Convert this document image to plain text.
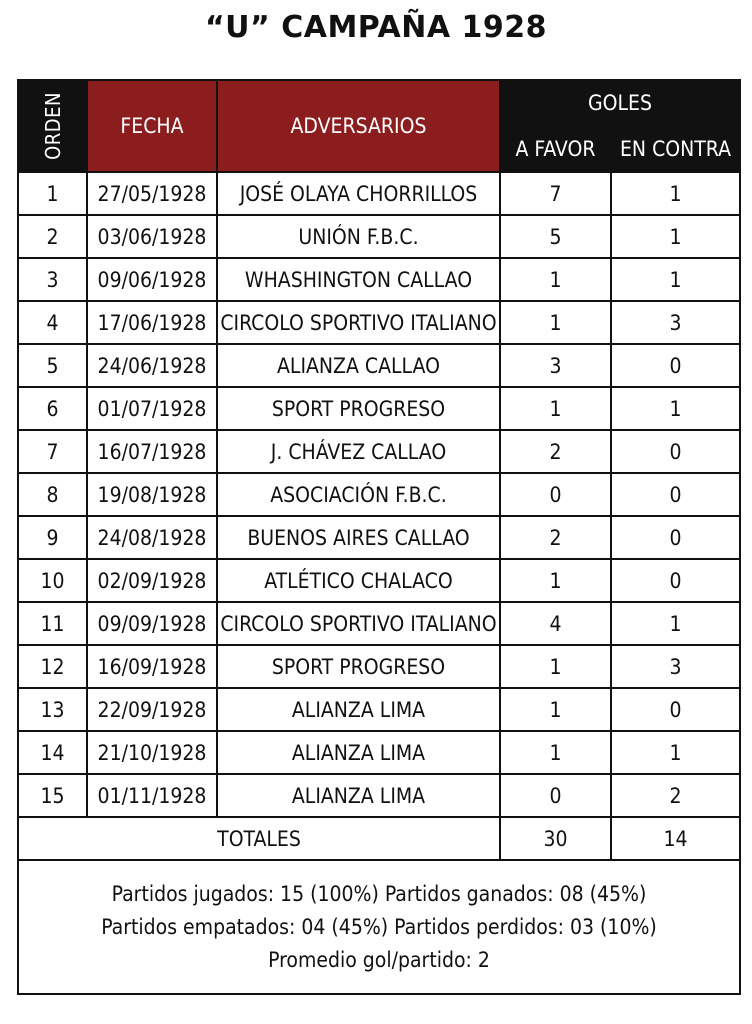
“U” CAMPAÑA 1928
ORDEN	FECHA	ADVERSARIOS	GOLES	
			A FAVOR	EN CONTRA
1	27/05/1928	JOSÉ OLAYA CHORRILLOS	7	1
2	03/06/1928	UNIÓN F.B.C.	5	1
3	09/06/1928	WHASHINGTON CALLAO	1	1
4	17/06/1928	CIRCOLO SPORTIVO ITALIANO	1	3
5	24/06/1928	ALIANZA CALLAO	3	0
6	01/07/1928	SPORT PROGRESO	1	1
7	16/07/1928	J. CHÁVEZ CALLAO	2	0
8	19/08/1928	ASOCIACIÓN F.B.C.	0	0
9	24/08/1928	BUENOS AIRES CALLAO	2	0
10	02/09/1928	ATLÉTICO CHALACO	1	0
11	09/09/1928	CIRCOLO SPORTIVO ITALIANO	4	1
12	16/09/1928	SPORT PROGRESO	1	3
13	22/09/1928	ALIANZA LIMA	1	0
14	21/10/1928	ALIANZA LIMA	1	1
15	01/11/1928	ALIANZA LIMA	0	2
TOTALES			30	14

Partidos jugados: 15 (100%) Partidos ganados: 08 (45%)
Partidos empatados: 04 (45%) Partidos perdidos: 03 (10%)
Promedio gol/partido: 2				
